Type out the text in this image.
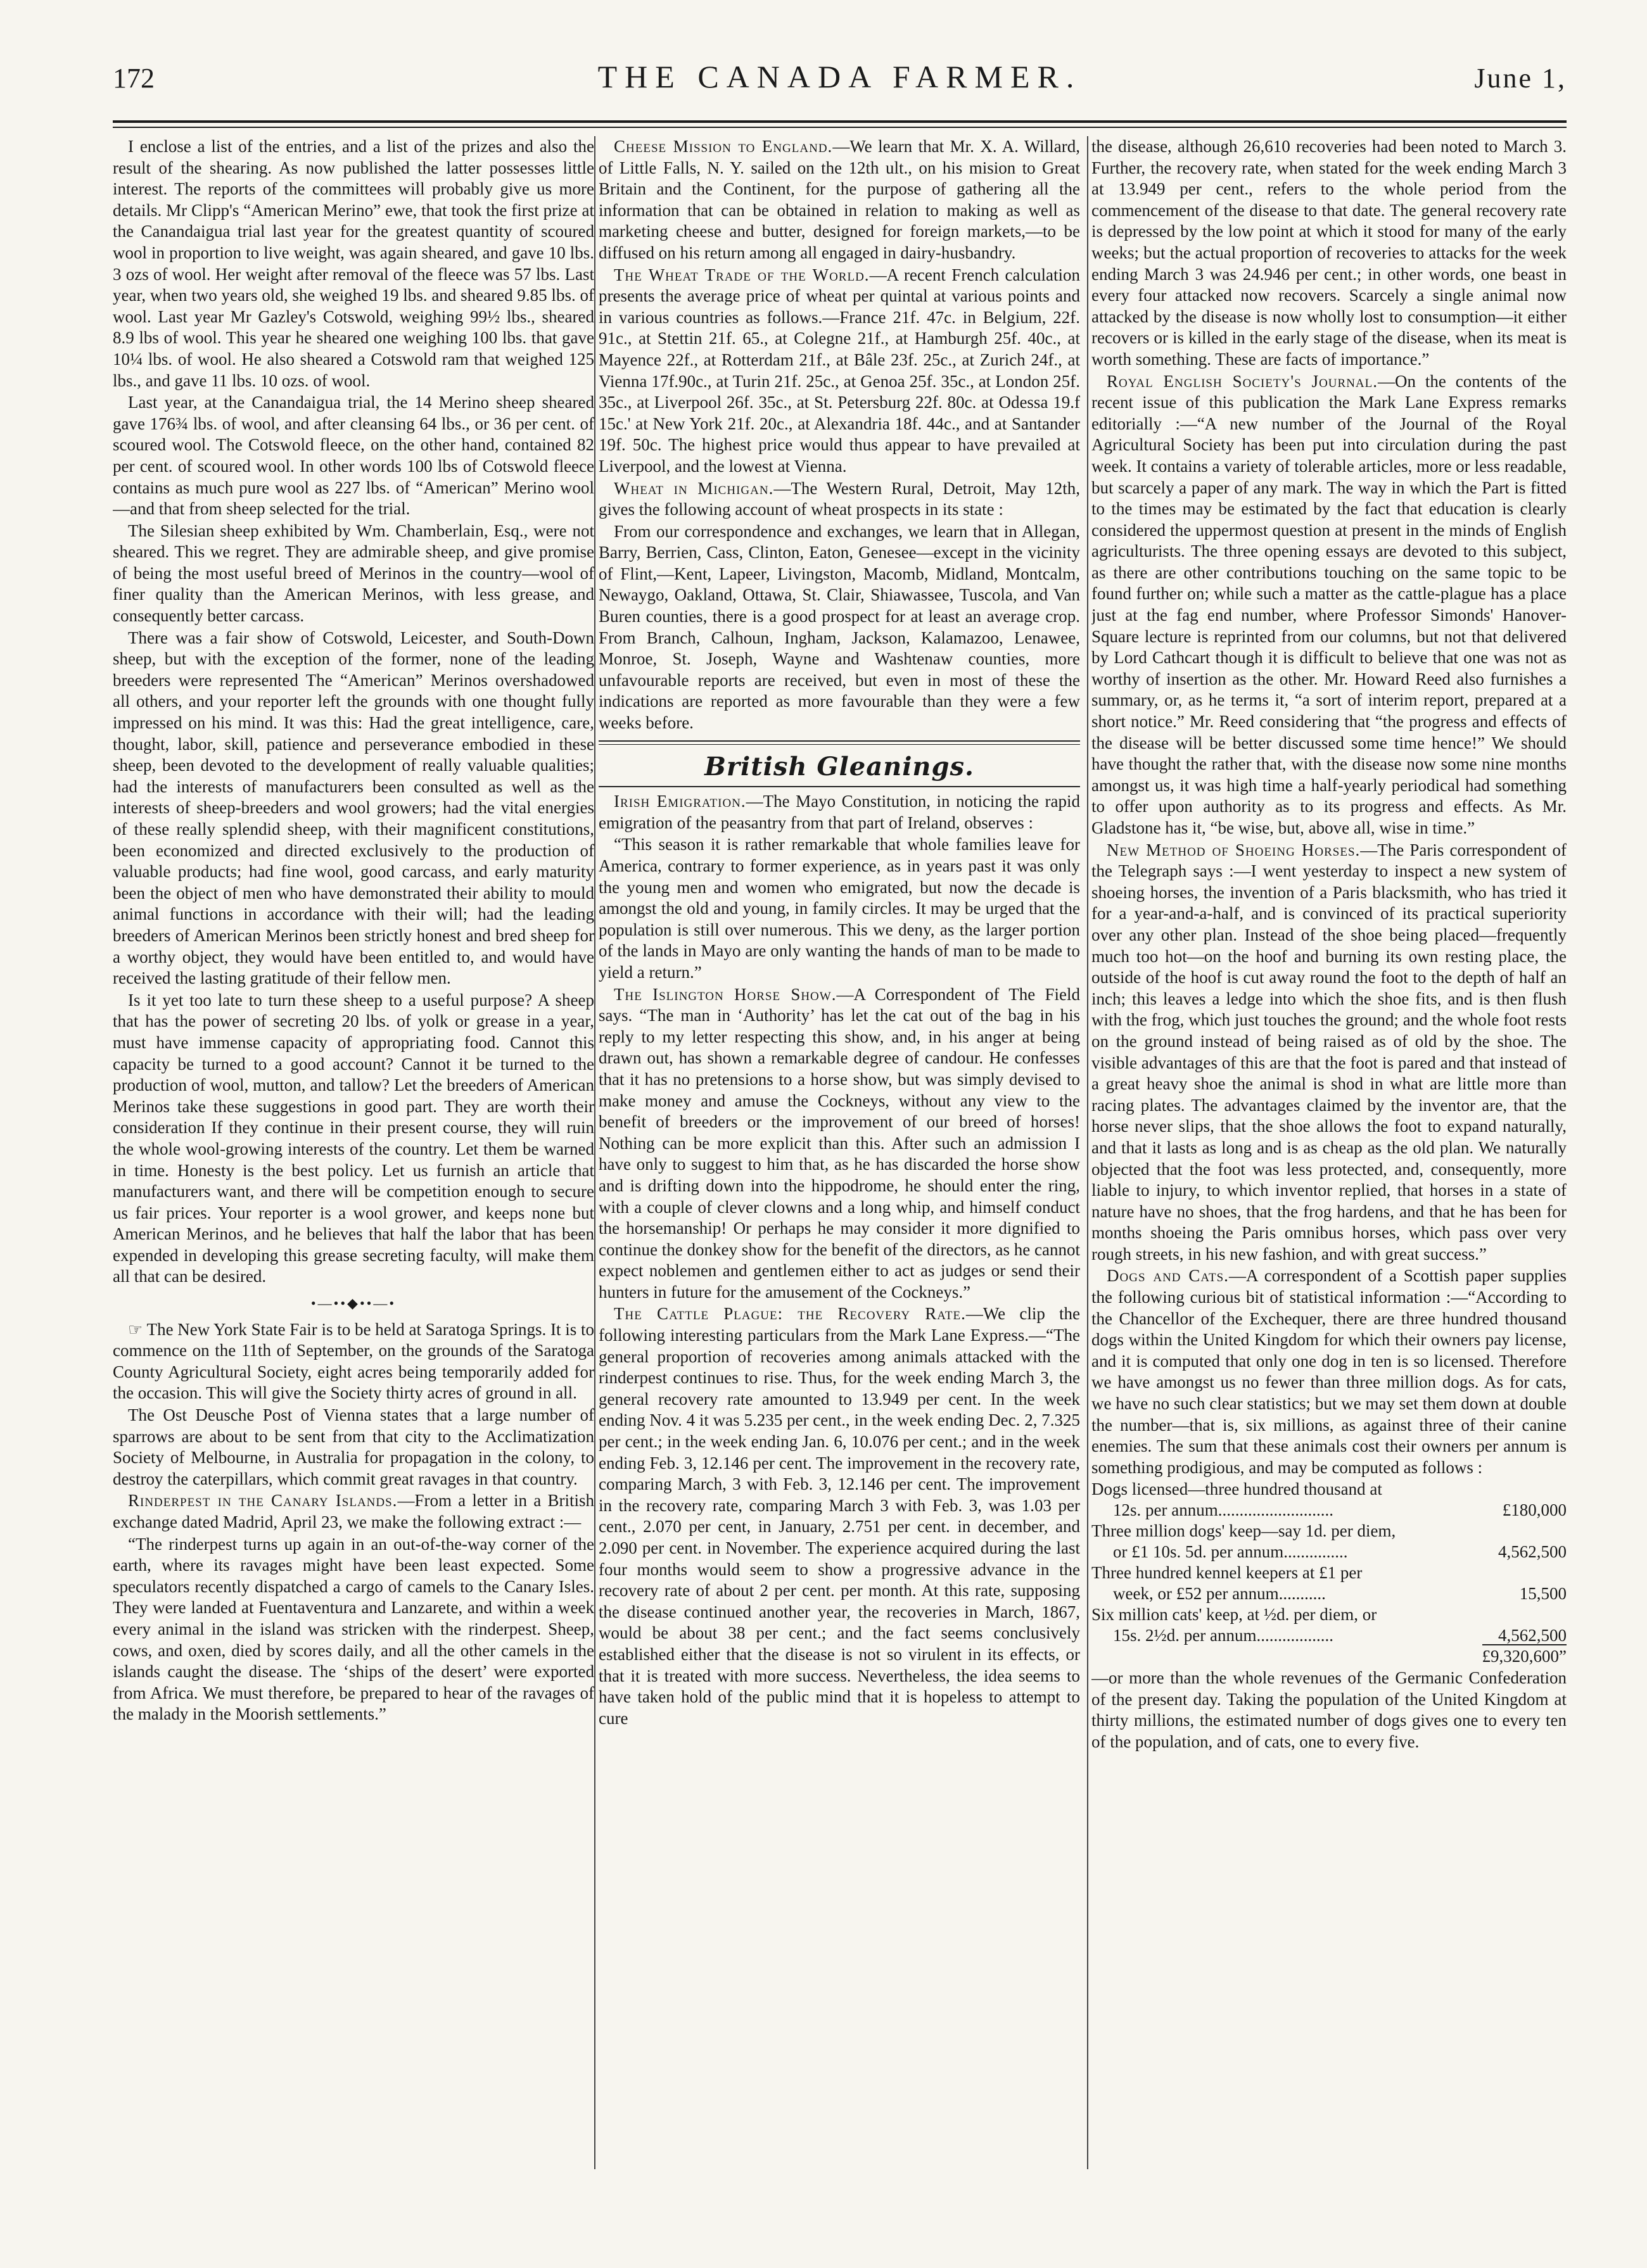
172	THE CANADA FARMER.	June 1,

I enclose a list of the entries, and a list of the prizes and also the result of the shearing. As now published the latter possesses little interest. The reports of the committees will probably give us more details. Mr Clipp's “American Merino” ewe, that took the first prize at the Canandaigua trial last year for the greatest quantity of scoured wool in proportion to live weight, was again sheared, and gave 10 lbs. 3 ozs of wool. Her weight after removal of the fleece was 57 lbs. Last year, when two years old, she weighed 19 lbs. and sheared 9.85 lbs. of wool. Last year Mr Gazley's Cotswold, weighing 99½ lbs., sheared 8.9 lbs of wool. This year he sheared one weighing 100 lbs. that gave 10¼ lbs. of wool. He also sheared a Cotswold ram that weighed 125 lbs., and gave 11 lbs. 10 ozs. of wool.

Last year, at the Canandaigua trial, the 14 Merino sheep sheared gave 176¾ lbs. of wool, and after cleansing 64 lbs., or 36 per cent. of scoured wool. The Cotswold fleece, on the other hand, contained 82 per cent. of scoured wool. In other words 100 lbs of Cotswold fleece contains as much pure wool as 227 lbs. of “American” Merino wool—and that from sheep selected for the trial.

The Silesian sheep exhibited by Wm. Chamberlain, Esq., were not sheared. This we regret. They are admirable sheep, and give promise of being the most useful breed of Merinos in the country—wool of finer quality than the American Merinos, with less grease, and consequently better carcass.

There was a fair show of Cotswold, Leicester, and South-Down sheep, but with the exception of the former, none of the leading breeders were represented The “American” Merinos overshadowed all others, and your reporter left the grounds with one thought fully impressed on his mind. It was this: Had the great intelligence, care, thought, labor, skill, patience and perseverance embodied in these sheep, been devoted to the development of really valuable qualities; had the interests of manufacturers been consulted as well as the interests of sheep-breeders and wool growers; had the vital energies of these really splendid sheep, with their magnificent constitutions, been economized and directed exclusively to the production of valuable products; had fine wool, good carcass, and early maturity been the object of men who have demonstrated their ability to mould animal functions in accordance with their will; had the leading breeders of American Merinos been strictly honest and bred sheep for a worthy object, they would have been entitled to, and would have received the lasting gratitude of their fellow men.

Is it yet too late to turn these sheep to a useful purpose? A sheep that has the power of secreting 20 lbs. of yolk or grease in a year, must have immense capacity of appropriating food. Cannot this capacity be turned to a good account? Cannot it be turned to the production of wool, mutton, and tallow? Let the breeders of American Merinos take these suggestions in good part. They are worth their consideration If they continue in their present course, they will ruin the whole wool-growing interests of the country. Let them be warned in time. Honesty is the best policy. Let us furnish an article that manufacturers want, and there will be competition enough to secure us fair prices. Your reporter is a wool grower, and keeps none but American Merinos, and he believes that half the labor that has been expended in developing this grease secreting faculty, will make them all that can be desired.

•—••◆••—•

☞ The New York State Fair is to be held at Saratoga Springs. It is to commence on the 11th of September, on the grounds of the Saratoga County Agricultural Society, eight acres being temporarily added for the occasion. This will give the Society thirty acres of ground in all.

The Ost Deusche Post of Vienna states that a large number of sparrows are about to be sent from that city to the Acclimatization Society of Melbourne, in Australia for propagation in the colony, to destroy the caterpillars, which commit great ravages in that country.

Rinderpest in the Canary Islands.—From a letter in a British exchange dated Madrid, April 23, we make the following extract :—

“The rinderpest turns up again in an out-of-the-way corner of the earth, where its ravages might have been least expected. Some speculators recently dispatched a cargo of camels to the Canary Isles. They were landed at Fuentaventura and Lanzarete, and within a week every animal in the island was stricken with the rinderpest. Sheep, cows, and oxen, died by scores daily, and all the other camels in the islands caught the disease. The ‘ships of the desert’ were exported from Africa. We must therefore, be prepared to hear of the ravages of the malady in the Moorish settlements.”

Cheese Mission to England.—We learn that Mr. X. A. Willard, of Little Falls, N. Y. sailed on the 12th ult., on his mision to Great Britain and the Continent, for the purpose of gathering all the information that can be obtained in relation to making as well as marketing cheese and butter, designed for foreign markets,—to be diffused on his return among all engaged in dairy-husbandry.

The Wheat Trade of the World.—A recent French calculation presents the average price of wheat per quintal at various points and in various countries as follows.—France 21f. 47c. in Belgium, 22f. 91c., at Stettin 21f. 65., at Colegne 21f., at Hamburgh 25f. 40c., at Mayence 22f., at Rotterdam 21f., at Bâle 23f. 25c., at Zurich 24f., at Vienna 17f.90c., at Turin 21f. 25c., at Genoa 25f. 35c., at London 25f. 35c., at Liverpool 26f. 35c., at St. Petersburg 22f. 80c. at Odessa 19.f 15c.' at New York 21f. 20c., at Alexandria 18f. 44c., and at Santander 19f. 50c. The highest price would thus appear to have prevailed at Liverpool, and the lowest at Vienna.

Wheat in Michigan.—The Western Rural, Detroit, May 12th, gives the following account of wheat prospects in its state :

From our correspondence and exchanges, we learn that in Allegan, Barry, Berrien, Cass, Clinton, Eaton, Genesee—except in the vicinity of Flint,—Kent, Lapeer, Livingston, Macomb, Midland, Montcalm, Newaygo, Oakland, Ottawa, St. Clair, Shiawassee, Tuscola, and Van Buren counties, there is a good prospect for at least an average crop. From Branch, Calhoun, Ingham, Jackson, Kalamazoo, Lenawee, Monroe, St. Joseph, Wayne and Washtenaw counties, more unfavourable reports are received, but even in most of these the indications are reported as more favourable than they were a few weeks before.

British Gleanings.

Irish Emigration.—The Mayo Constitution, in noticing the rapid emigration of the peasantry from that part of Ireland, observes :

“This season it is rather remarkable that whole families leave for America, contrary to former experience, as in years past it was only the young men and women who emigrated, but now the decade is amongst the old and young, in family circles. It may be urged that the population is still over numerous. This we deny, as the larger portion of the lands in Mayo are only wanting the hands of man to be made to yield a return.”

The Islington Horse Show.—A Correspondent of The Field says. “The man in ‘Authority’ has let the cat out of the bag in his reply to my letter respecting this show, and, in his anger at being drawn out, has shown a remarkable degree of candour. He confesses that it has no pretensions to a horse show, but was simply devised to make money and amuse the Cockneys, without any view to the benefit of breeders or the improvement of our breed of horses! Nothing can be more explicit than this. After such an admission I have only to suggest to him that, as he has discarded the horse show and is drifting down into the hippodrome, he should enter the ring, with a couple of clever clowns and a long whip, and himself conduct the horsemanship! Or perhaps he may consider it more dignified to continue the donkey show for the benefit of the directors, as he cannot expect noblemen and gentlemen either to act as judges or send their hunters in future for the amusement of the Cockneys.”

The Cattle Plague: the Recovery Rate.—We clip the following interesting particulars from the Mark Lane Express.—“The general proportion of recoveries among animals attacked with the rinderpest continues to rise. Thus, for the week ending March 3, the general recovery rate amounted to 13.949 per cent. In the week ending Nov. 4 it was 5.235 per cent., in the week ending Dec. 2, 7.325 per cent.; in the week ending Jan. 6, 10.076 per cent.; and in the week ending Feb. 3, 12.146 per cent. The improvement in the recovery rate, comparing March, 3 with Feb. 3, 12.146 per cent. The improvement in the recovery rate, comparing March 3 with Feb. 3, was 1.03 per cent., 2.070 per cent, in January, 2.751 per cent. in december, and 2.090 per cent. in November. The experience acquired during the last four months would seem to show a progressive advance in the recovery rate of about 2 per cent. per month. At this rate, supposing the disease continued another year, the recoveries in March, 1867, would be about 38 per cent.; and the fact seems conclusively established either that the disease is not so virulent in its effects, or that it is treated with more success. Nevertheless, the idea seems to have taken hold of the public mind that it is hopeless to attempt to cure

the disease, although 26,610 recoveries had been noted to March 3. Further, the recovery rate, when stated for the week ending March 3 at 13.949 per cent., refers to the whole period from the commencement of the disease to that date. The general recovery rate is depressed by the low point at which it stood for many of the early weeks; but the actual proportion of recoveries to attacks for the week ending March 3 was 24.946 per cent.; in other words, one beast in every four attacked now recovers. Scarcely a single animal now attacked by the disease is now wholly lost to consumption—it either recovers or is killed in the early stage of the disease, when its meat is worth something. These are facts of importance.”

Royal English Society's Journal.—On the contents of the recent issue of this publication the Mark Lane Express remarks editorially :—“A new number of the Journal of the Royal Agricultural Society has been put into circulation during the past week. It contains a variety of tolerable articles, more or less readable, but scarcely a paper of any mark. The way in which the Part is fitted to the times may be estimated by the fact that education is clearly considered the uppermost question at present in the minds of English agriculturists. The three opening essays are devoted to this subject, as there are other contributions touching on the same topic to be found further on; while such a matter as the cattle-plague has a place just at the fag end number, where Professor Simonds' Hanover-Square lecture is reprinted from our columns, but not that delivered by Lord Cathcart though it is difficult to believe that one was not as worthy of insertion as the other. Mr. Howard Reed also furnishes a summary, or, as he terms it, “a sort of interim report, prepared at a short notice.” Mr. Reed considering that “the progress and effects of the disease will be better discussed some time hence!” We should have thought the rather that, with the disease now some nine months amongst us, it was high time a half-yearly periodical had something to offer upon authority as to its progress and effects. As Mr. Gladstone has it, “be wise, but, above all, wise in time.”

New Method of Shoeing Horses.—The Paris correspondent of the Telegraph says :—I went yesterday to inspect a new system of shoeing horses, the invention of a Paris blacksmith, who has tried it for a year-and-a-half, and is convinced of its practical superiority over any other plan. Instead of the shoe being placed—frequently much too hot—on the hoof and burning its own resting place, the outside of the hoof is cut away round the foot to the depth of half an inch; this leaves a ledge into which the shoe fits, and is then flush with the frog, which just touches the ground; and the whole foot rests on the ground instead of being raised as of old by the shoe. The visible advantages of this are that the foot is pared and that instead of a great heavy shoe the animal is shod in what are little more than racing plates. The advantages claimed by the inventor are, that the horse never slips, that the shoe allows the foot to expand naturally, and that it lasts as long and is as cheap as the old plan. We naturally objected that the foot was less protected, and, consequently, more liable to injury, to which inventor replied, that horses in a state of nature have no shoes, that the frog hardens, and that he has been for months shoeing the Paris omnibus horses, which pass over very rough streets, in his new fashion, and with great success.”

Dogs and Cats.—A correspondent of a Scottish paper supplies the following curious bit of statistical information :—“According to the Chancellor of the Exchequer, there are three hundred thousand dogs within the United Kingdom for which their owners pay license, and it is computed that only one dog in ten is so licensed. Therefore we have amongst us no fewer than three million dogs. As for cats, we have no such clear statistics; but we may set them down at double the number—that is, six millions, as against three of their canine enemies. The sum that these animals cost their owners per annum is something prodigious, and may be computed as follows :

Dogs licensed—three hundred thousand at	
12s. per annum...........................	£180,000
Three million dogs' keep—say 1d. per diem,	
or £1 10s. 5d. per annum...............	4,562,500
Three hundred kennel keepers at £1 per	
week, or £52 per annum...........	15,500
Six million cats' keep, at ½d. per diem, or	
15s. 2½d. per annum..................	4,562,500
£9,320,600”

—or more than the whole revenues of the Germanic Confederation of the present day. Taking the population of the United Kingdom at thirty millions, the estimated number of dogs gives one to every ten of the population, and of cats, one to every five.
